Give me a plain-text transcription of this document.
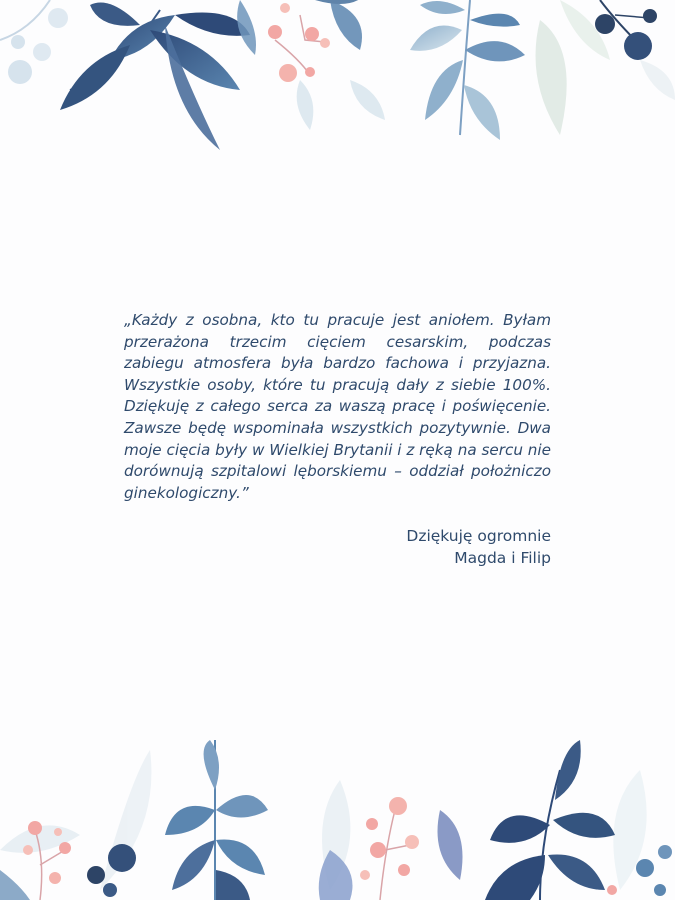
„Każdy z osobna, kto tu pracuje jest aniołem. Byłam przerażona trzecim cięciem cesarskim, podczas zabiegu atmosfera była bardzo fachowa i przyjazna. Wszystkie osoby, które tu pracują dały z siebie 100%. Dziękuję z całego serca za waszą pracę i poświęcenie. Zawsze będę wspominała wszystkich pozytywnie. Dwa moje cięcia były w Wielkiej Brytanii i z ręką na sercu nie dorównują szpitalowi lęborskiemu – oddział położniczo ginekologiczny.”

Dziękuję ogromnie
Magda i Filip
